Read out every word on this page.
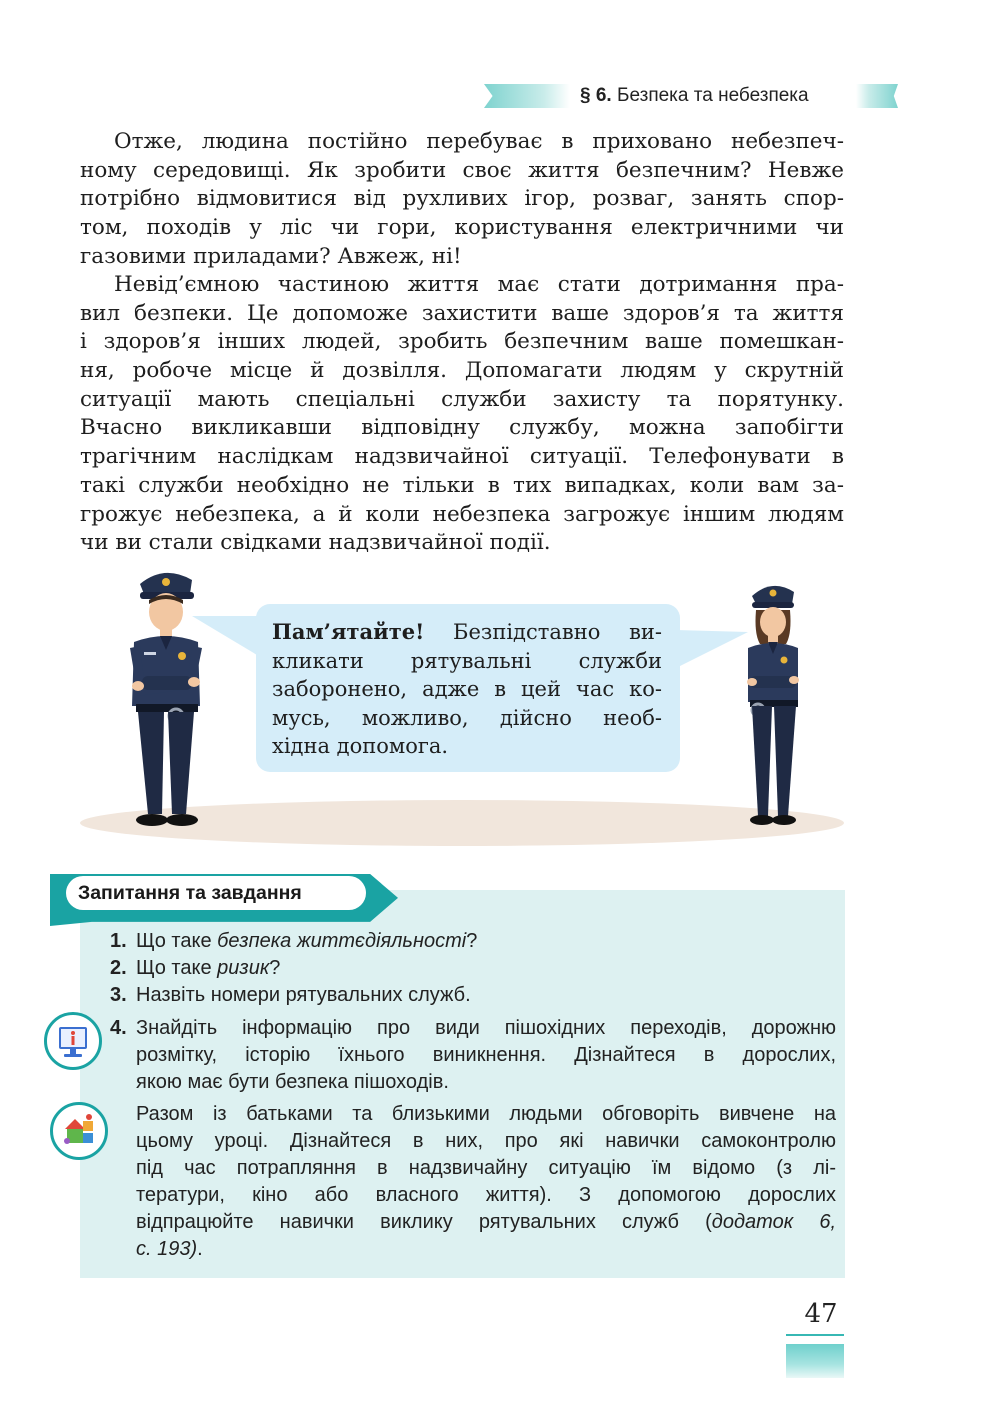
§ 6. Безпека та небезпека
Отже, людина постійно перебуває в приховано небезпеч-
ному середовищі. Як зробити своє життя безпечним? Невже
потрібно відмовитися від рухливих ігор, розваг, занять спор-
том, походів у ліс чи гори, користування електричними чи
газовими приладами? Авжеж, ні!
Невід’ємною частиною життя має стати дотримання пра-
вил безпеки. Це допоможе захистити ваше здоров’я та життя
і здоров’я інших людей, зробить безпечним ваше помешкан-
ня, робоче місце й дозвілля. Допомагати людям у скрутній
ситуації мають спеціальні служби захисту та порятунку.
Вчасно викликавши відповідну службу, можна запобігти
трагічним наслідкам надзвичайної ситуації. Телефонувати в
такі служби необхідно не тільки в тих випадках, коли вам за-
грожує небезпека, а й коли небезпека загрожує іншим людям
чи ви стали свідками надзвичайної події.
Пам’ятайте! Безпідставно ви-
кликати рятувальні служби
заборонено, адже в цей час ко-
мусь, можливо, дійсно необ-
хідна допомога.
Запитання та завдання
1. Що таке безпека життєдіяльності?
2. Що таке ризик?
3. Назвіть номери рятувальних служб.
4. Знайдіть інформацію про види пішохідних переходів, дорожню
розмітку, історію їхнього виникнення. Дізнайтеся в дорослих,
якою має бути безпека пішоходів.
Разом із батьками та близькими людьми обговоріть вивчене на
цьому уроці. Дізнайтеся в них, про які навички самоконтролю
під час потрапляння в надзвичайну ситуацію їм відомо (з лі-
тератури, кіно або власного життя). З допомогою дорослих
відпрацюйте навички виклику рятувальних служб (додаток 6,
с. 193).
47
